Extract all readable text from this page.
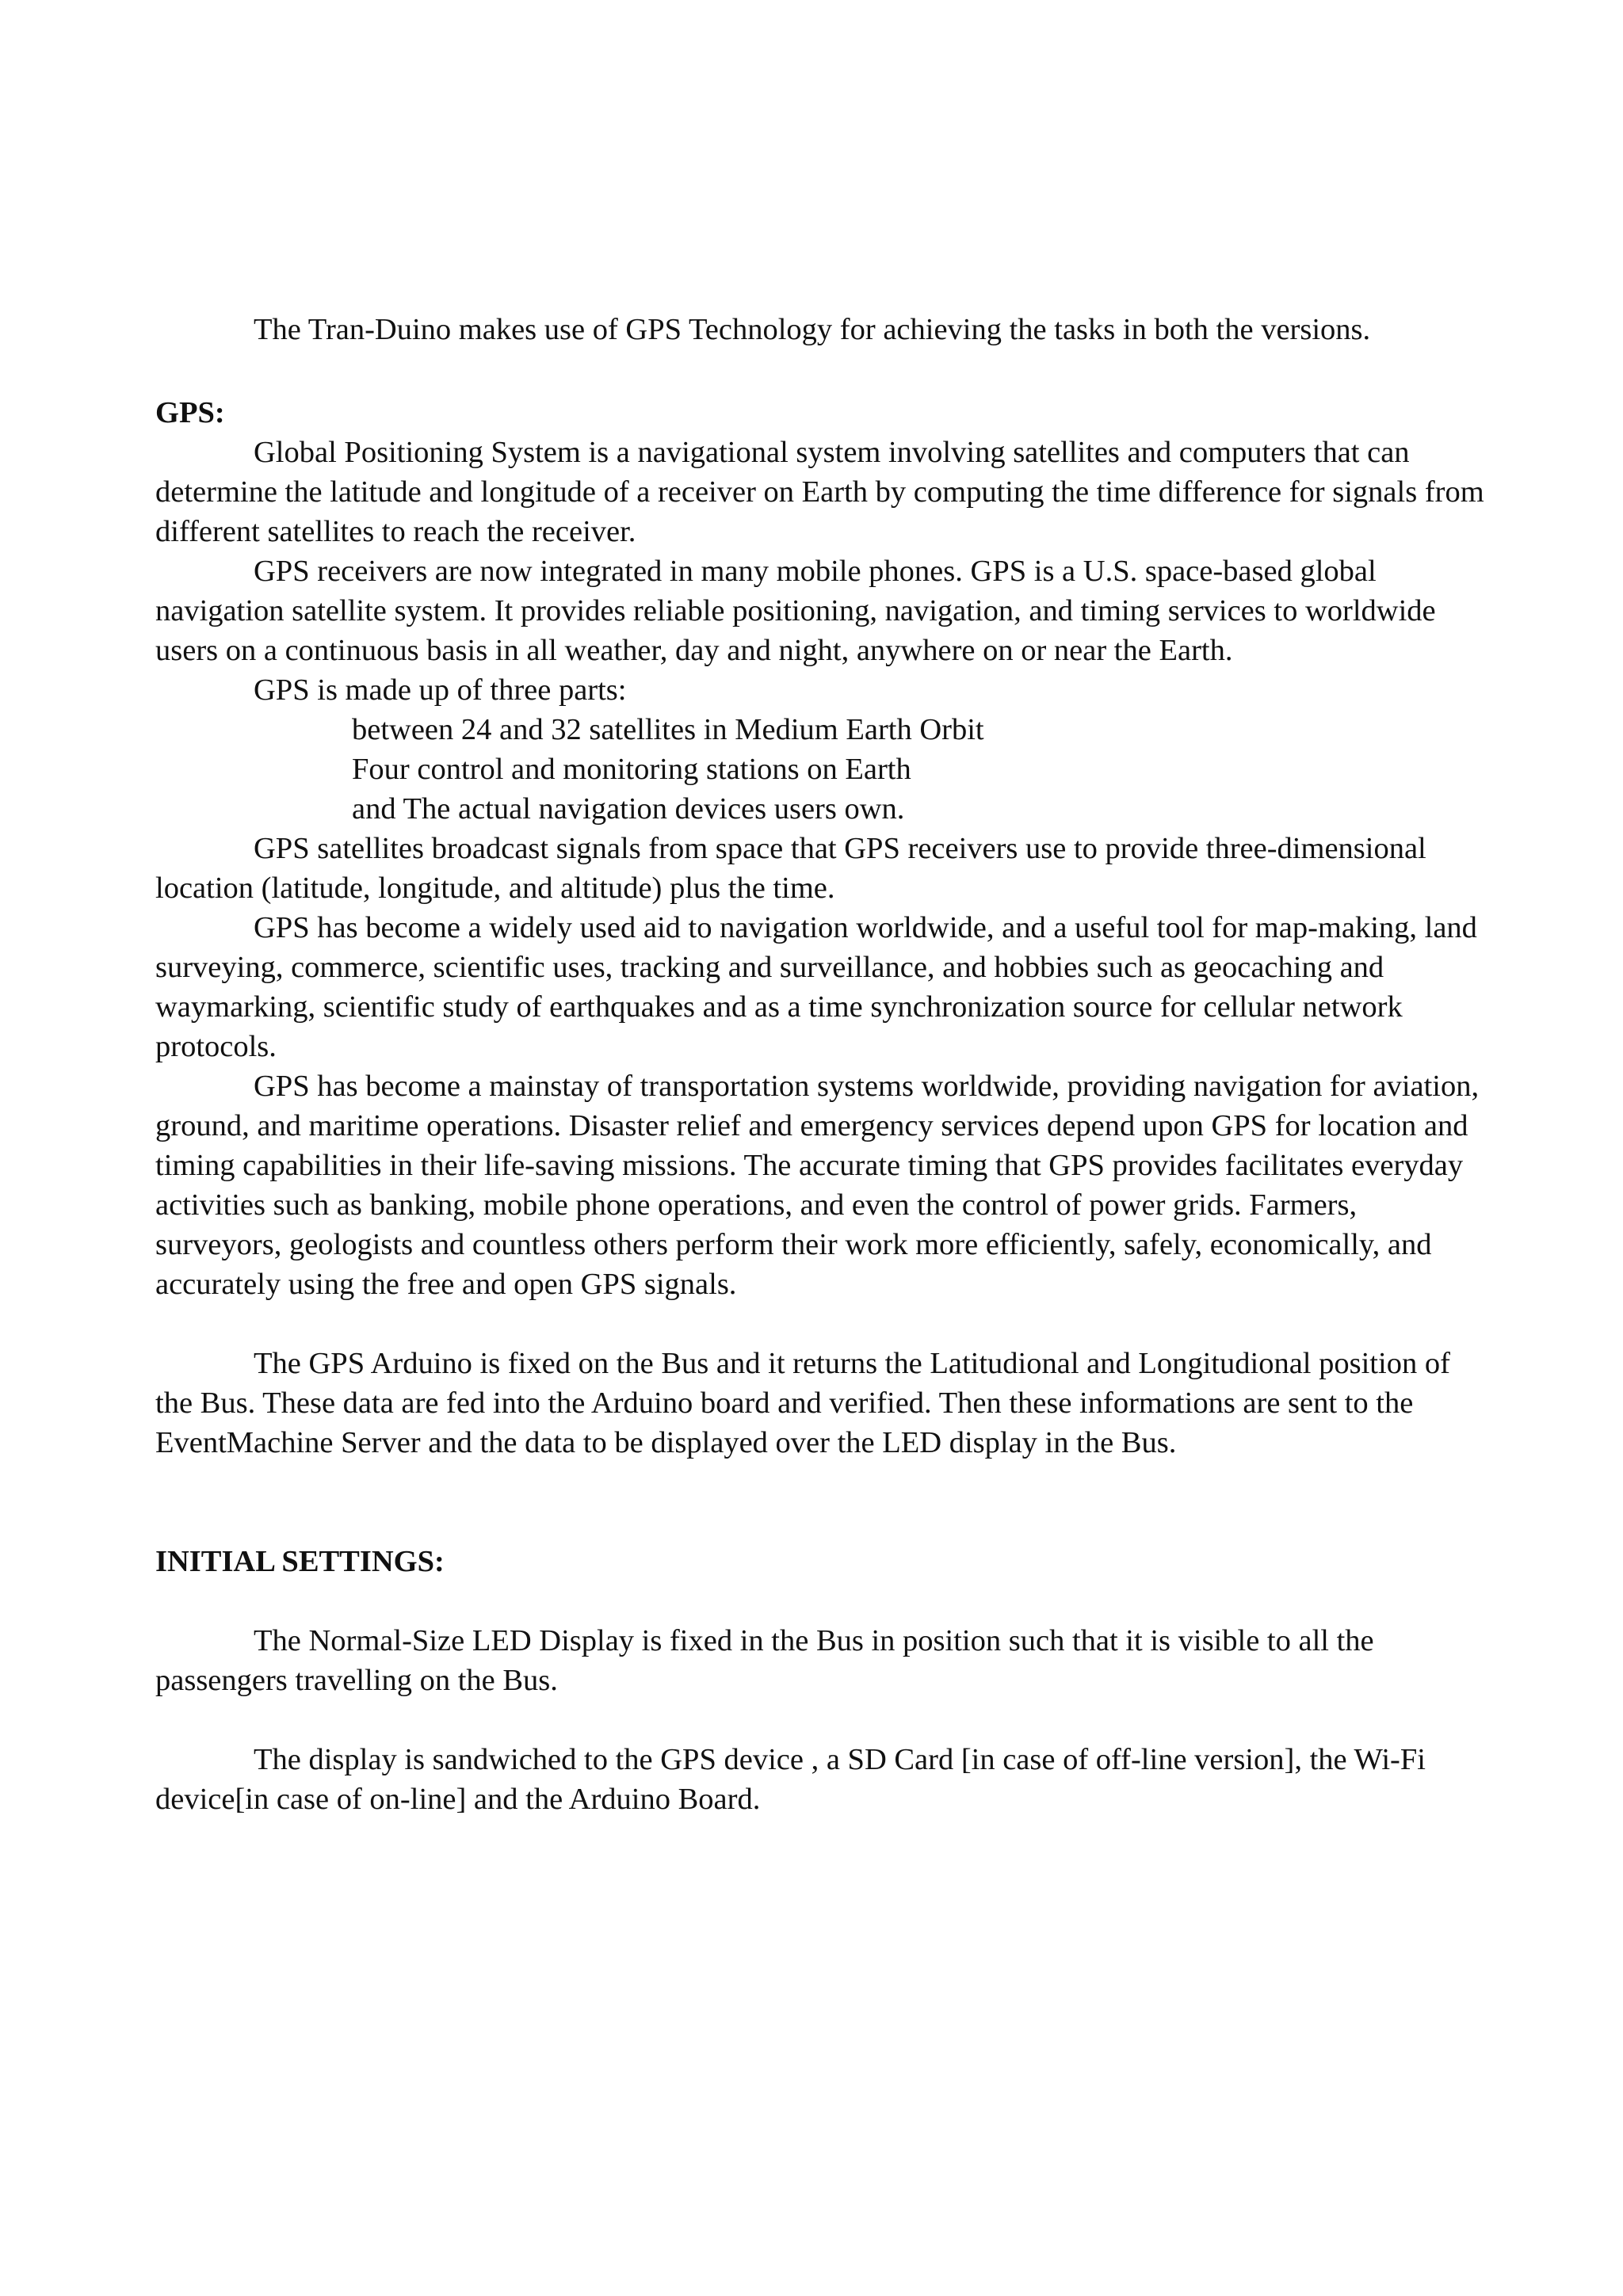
The Tran-Duino makes use of GPS Technology for achieving the tasks in both the versions.

GPS:

Global Positioning System is a navigational system involving satellites and computers that can determine the latitude and longitude of a receiver on Earth by computing the time difference for signals from different satellites to reach the receiver.

GPS receivers are now integrated in many mobile phones. GPS is a U.S. space-based global navigation satellite system. It provides reliable positioning, navigation, and timing services to worldwide users on a continuous basis in all weather, day and night, anywhere on or near the Earth.

GPS is made up of three parts:

between 24 and 32 satellites in Medium Earth Orbit
Four control and monitoring stations on Earth
and The actual navigation devices users own.

GPS satellites broadcast signals from space that GPS receivers use to provide three-dimensional location (latitude, longitude, and altitude) plus the time.

GPS has become a widely used aid to navigation worldwide, and a useful tool for map-making, land surveying, commerce, scientific uses, tracking and surveillance, and hobbies such as geocaching and waymarking, scientific study of earthquakes and as a time synchronization source for cellular network protocols.

GPS has become a mainstay of transportation systems worldwide, providing navigation for aviation, ground, and maritime operations. Disaster relief and emergency services depend upon GPS for location and timing capabilities in their life-saving missions. The accurate timing that GPS provides facilitates everyday activities such as banking, mobile phone operations, and even the control of power grids. Farmers, surveyors, geologists and countless others perform their work more efficiently, safely, economically, and accurately using the free and open GPS signals.

The GPS Arduino is fixed on the Bus and it returns the Latitudional and Longitudional position of the Bus. These data are fed into the Arduino board and verified. Then these informations are sent to the EventMachine Server and the data to be displayed over the LED display in the Bus.

INITIAL SETTINGS:

The Normal-Size LED Display is fixed in the Bus in position such that it is visible to all the passengers travelling on the Bus.

The display is sandwiched to the GPS device , a SD Card [in case of off-line version], the Wi-Fi device[in case of on-line] and the Arduino Board.
